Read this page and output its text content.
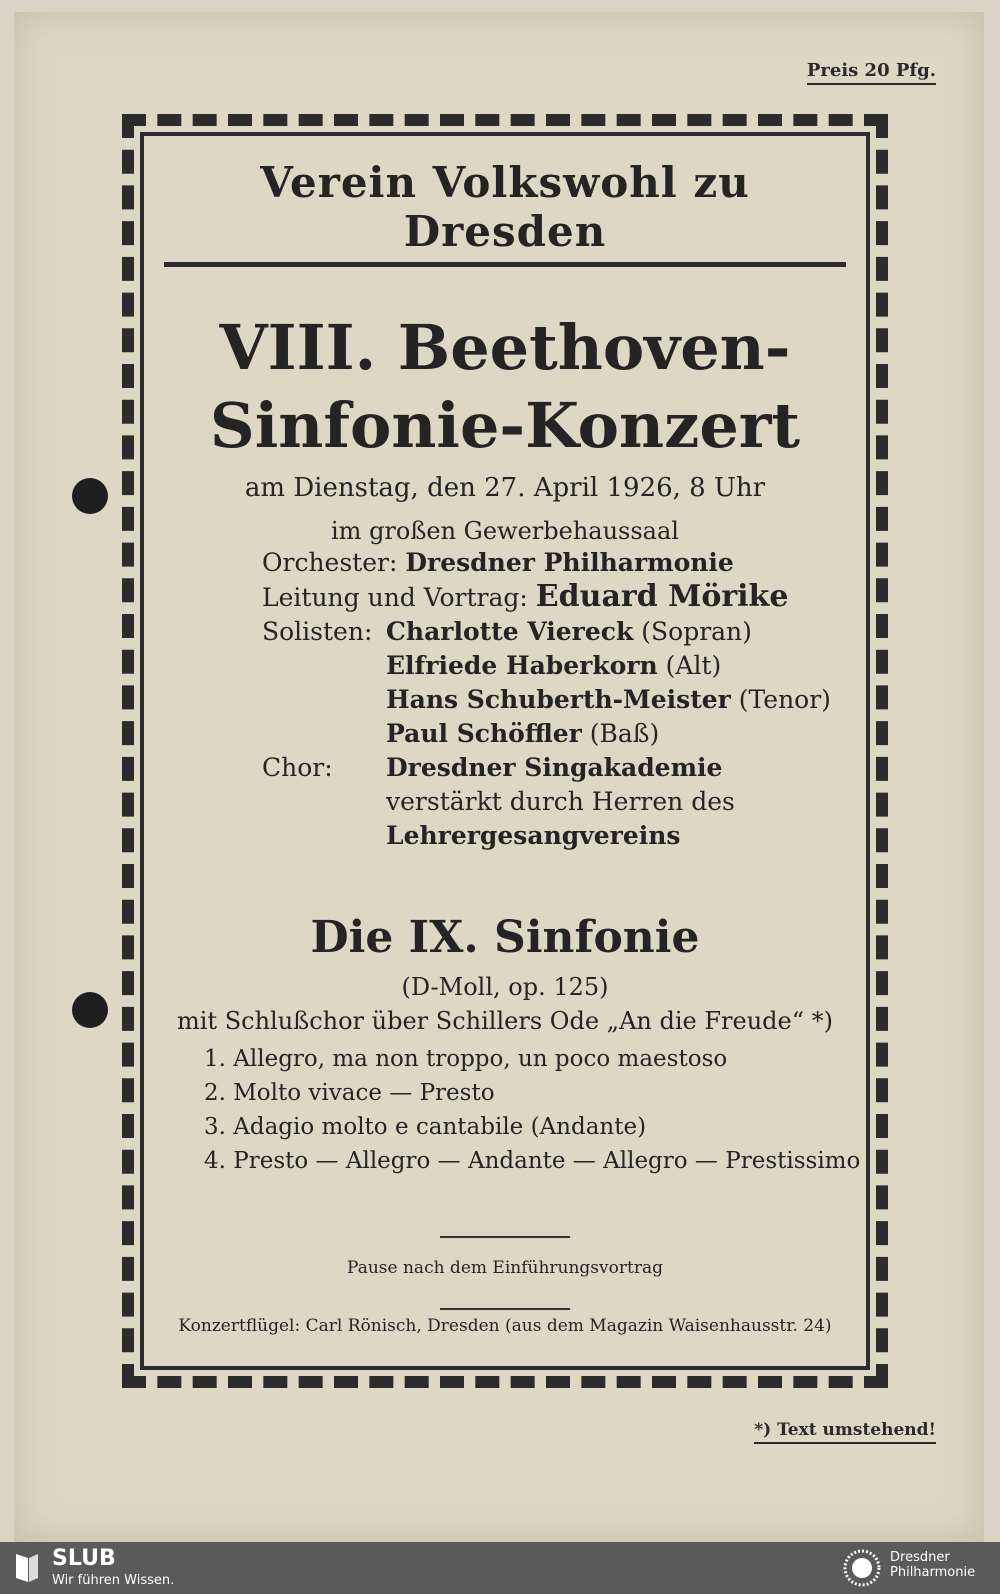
Preis 20 Pfg.
Verein Volkswohl zu Dresden
VIII. Beethoven-
Sinfonie-Konzert
am Dienstag, den 27. April 1926, 8 Uhr
im großen Gewerbehaussaal
Orchester: Dresdner Philharmonie
Leitung und Vortrag: Eduard Mörike
Solisten: Charlotte Viereck (Sopran)
Elfriede Haberkorn (Alt)
Hans Schuberth-Meister (Tenor)
Paul Schöffler (Baß)
Chor:	Dresdner Singakademie
verstärkt durch Herren des
Lehrergesangvereins
Die IX. Sinfonie
(D-Moll, op. 125)
mit Schlußchor über Schillers Ode „An die Freude“ *)
1. Allegro, ma non troppo, un poco maestoso
2. Molto vivace — Presto
3. Adagio molto e cantabile (Andante)
4. Presto — Allegro — Andante — Allegro — Prestissimo
Pause nach dem Einführungsvortrag
Konzertflügel: Carl Rönisch, Dresden (aus dem Magazin Waisenhausstr. 24)
*) Text umstehend!
SLUB
Wir führen Wissen.
Dresdner
Philharmonie
